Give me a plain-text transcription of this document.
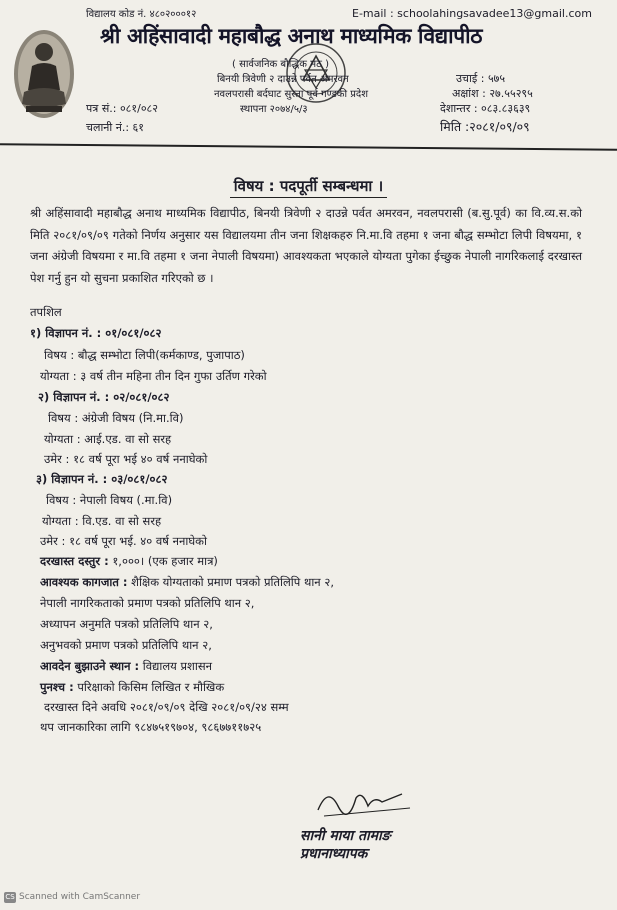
विद्यालय कोड नं. ४८०२०००१२	E-mail : schoolahingsavadee13@gmail.com
श्री अहिंसावादी महाबौद्ध अनाथ माध्यमिक विद्यापीठ
( सार्वजनिक बौद्धिक मठ )
बिनयी त्रिवेणी २ दाउन्ने पर्वत अमरवन
नवलपरासी बर्दघाट सुस्ता पूर्व गण्डकी प्रदेश
स्थापना २०७४/५/३
पत्र सं.: ०८१/०८२
चलानी नं.: ६१
उचाई : ५७५
अक्षांश : २७.५५२९५
देशान्तर : ०८३.८३६३९
मिति :२०८१/०९/०९
विषय : पदपूर्ती सम्बन्धमा ।
श्री अहिंसावादी महाबौद्ध अनाथ माध्यमिक विद्यापीठ, बिनयी त्रिवेणी २ दाउन्ने पर्वत अमरवन, नवलपरासी (ब.सु.पूर्व) का वि.व्य.स.को मिति २०८१/०९/०९ गतेको निर्णय अनुसार यस विद्यालयमा तीन जना शिक्षकहरु नि.मा.वि तहमा १ जना बौद्ध सम्भोटा लिपी विषयमा, १ जना अंग्रेजी विषयमा र मा.वि तहमा १ जना नेपाली विषयमा) आवश्यकता भएकाले योग्यता पुगेका ईच्छुक नेपाली नागरिकलाई दरखास्त पेश गर्नु हुन यो सुचना प्रकाशित गरिएको छ ।
तपशिल
१) विज्ञापन नं. : ०१/०८१/०८२
विषय : बौद्ध सम्भोटा लिपी(कर्मकाण्ड, पुजापाठ)
योग्यता : ३ वर्ष तीन महिना तीन दिन गुफा उर्तिण गरेको
२) विज्ञापन नं. : ०२/०८१/०८२
विषय : अंग्रेजी विषय (नि.मा.वि)
योग्यता : आई.एड. वा सो सरह
उमेर : १८ वर्ष पूरा भई ४० वर्ष ननाघेको
३) विज्ञापन नं. : ०३/०८१/०८२
विषय : नेपाली विषय (.मा.वि)
योग्यता : वि.एड. वा सो सरह
उमेर : १८ वर्ष पूरा भई. ४० वर्ष ननाघेको
दरखास्त दस्तुर : १,०००। (एक हजार मात्र)
आवश्यक कागजात : शैक्षिक योग्यताको प्रमाण पत्रको प्रतिलिपि थान २,
नेपाली नागरिकताको प्रमाण पत्रको प्रतिलिपि थान २,
अध्यापन अनुमति पत्रको प्रतिलिपि थान २,
अनुभवको प्रमाण पत्रको प्रतिलिपि थान २,
आवदेन बुझाउने स्थान : विद्यालय प्रशासन
पुनश्च : परिक्षाको किसिम लिखित र मौखिक
दरखास्त दिने अवधि २०८१/०९/०९ देखि २०८१/०९/२४ सम्म
थप जानकारिका लागि ९८४७५१९७०४, ९८६७७११७२५
सानी माया तामाङ
प्रधानाध्यापक
CS Scanned with CamScanner
